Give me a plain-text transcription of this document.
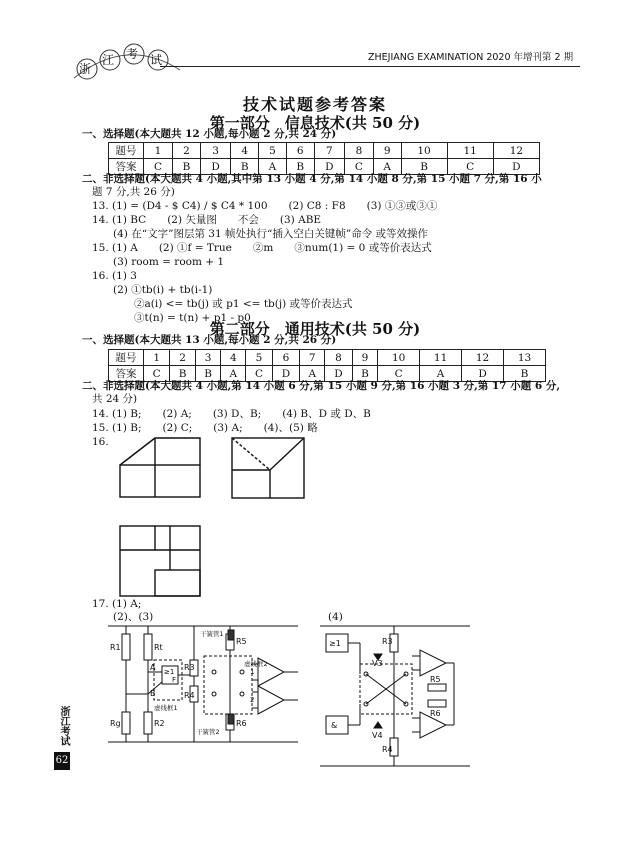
浙
江 考 试	ZHEJIANG EXAMINATION 2020 年增刊第 2 期
技术试题参考答案
第一部分　信息技术(共 50 分)
一、选择题(本大题共 12 小题,每小题 2 分,共 24 分)
题号	1	2	3	4	5	6	7	8	9	10	11	12
答案	C	B	D	B	A	B	D	C	A	B	C	D
二、非选择题(本大题共 4 小题,其中第 13 小题 4 分,第 14 小题 8 分,第 15 小题 7 分,第 16 小
题 7 分,共 26 分)
13. (1) = (D4 - $ C4) / $ C4 * 100　　(2) C8 : F8　　(3) ①③或③①
14. (1) BC　　(2) 矢量图　　不会　　(3) ABE
　　(4) 在“文字”图层第 31 帧处执行“插入空白关键帧”命令 或等效操作
15. (1) A　　(2) ①f = True　　②m　　③num(1) = 0 或等价表达式
　　(3) room = room + 1
16. (1) 3
　　(2) ①tb(i) + tb(i-1)
　　　　②a(i) <= tb(j) 或 p1 <= tb(j) 或等价表达式
　　　　③t(n) = t(n) + p1 - p0
第二部分　通用技术(共 50 分)
一、选择题(本大题共 13 小题,每小题 2 分,共 26 分)
题号	1	2	3	4	5	6	7	8	9	10	11	12	13
答案	C	B	B	A	C	D	A	D	B	C	A	D	B
二、非选择题(本大题共 4 小题,第 14 小题 6 分,第 15 小题 9 分,第 16 小题 3 分,第 17 小题 6 分,
共 24 分)
14. (1) B;　　(2) A;　　(3) D、B;　　(4) B、D 或 D、B
15. (1) B;　　(2) C;　　(3) A;　　(4)、(5) 略
16.
17. (1) A;
　　(2)、(3)	(4)
R1	Rt
R3
R4
R2
Rg
R5
R6
A
B
F
≥1
干簧管1
干簧管2
虚线框1
虚线框2
1
2
≥1	R3
V3
R5
R6
&
V4
R4
浙江考试
62
